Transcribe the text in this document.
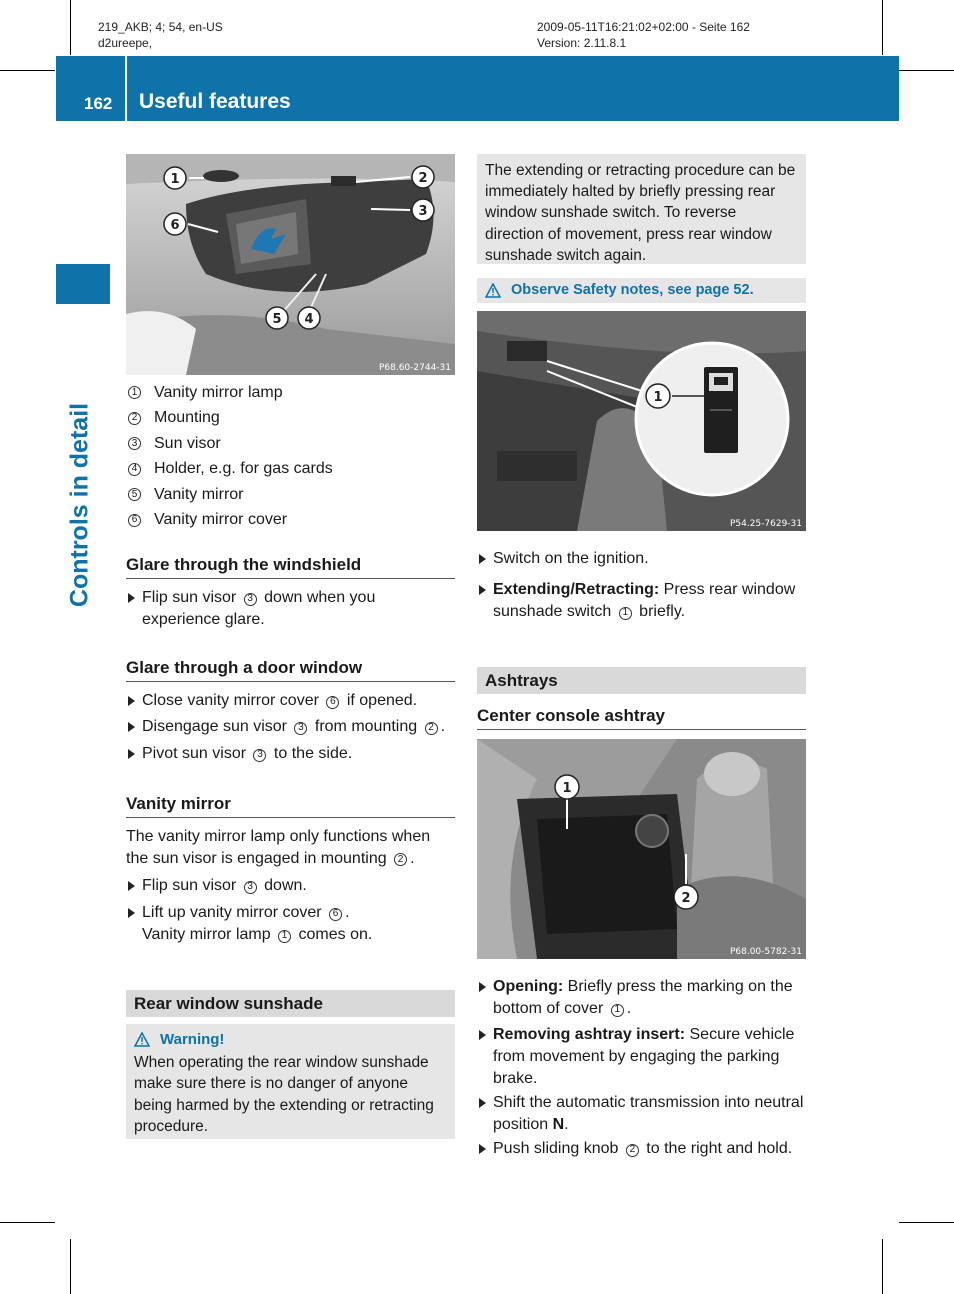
219_AKB; 4; 54, en-US
d2ureepe,
2009-05-11T16:21:02+02:00 - Seite 162
Version: 2.11.8.1
162 Useful features
Controls in detail
1	2
3
6
5 4
P68.60-2744-31
1 Vanity mirror lamp
2 Mounting
3 Sun visor
4 Holder, e.g. for gas cards
5 Vanity mirror
6 Vanity mirror cover
Glare through the windshield
Flip sun visor 3 down when you experience glare.
Glare through a door window
Close vanity mirror cover 6 if opened.
Disengage sun visor 3 from mounting 2 .
Pivot sun visor 3 to the side.
Vanity mirror
The vanity mirror lamp only functions when the sun visor is engaged in mounting 2 .
Flip sun visor 3 down.
Lift up vanity mirror cover 6 .
Vanity mirror lamp 1 comes on.
Rear window sunshade
Warning!
When operating the rear window sunshade make sure there is no danger of anyone being harmed by the extending or retracting procedure.
The extending or retracting procedure can be immediately halted by briefly pressing rear window sunshade switch. To reverse direction of movement, press rear window sunshade switch again.
Observe Safety notes, see page 52.
1
P54.25-7629-31
Switch on the ignition.
Extending/Retracting: Press rear window sunshade switch 1 briefly.
Ashtrays
Center console ashtray
1
2
P68.00-5782-31
Opening: Briefly press the marking on the bottom of cover 1 .
Removing ashtray insert: Secure vehicle from movement by engaging the parking brake.
Shift the automatic transmission into neutral position N.
Push sliding knob 2 to the right and hold.
